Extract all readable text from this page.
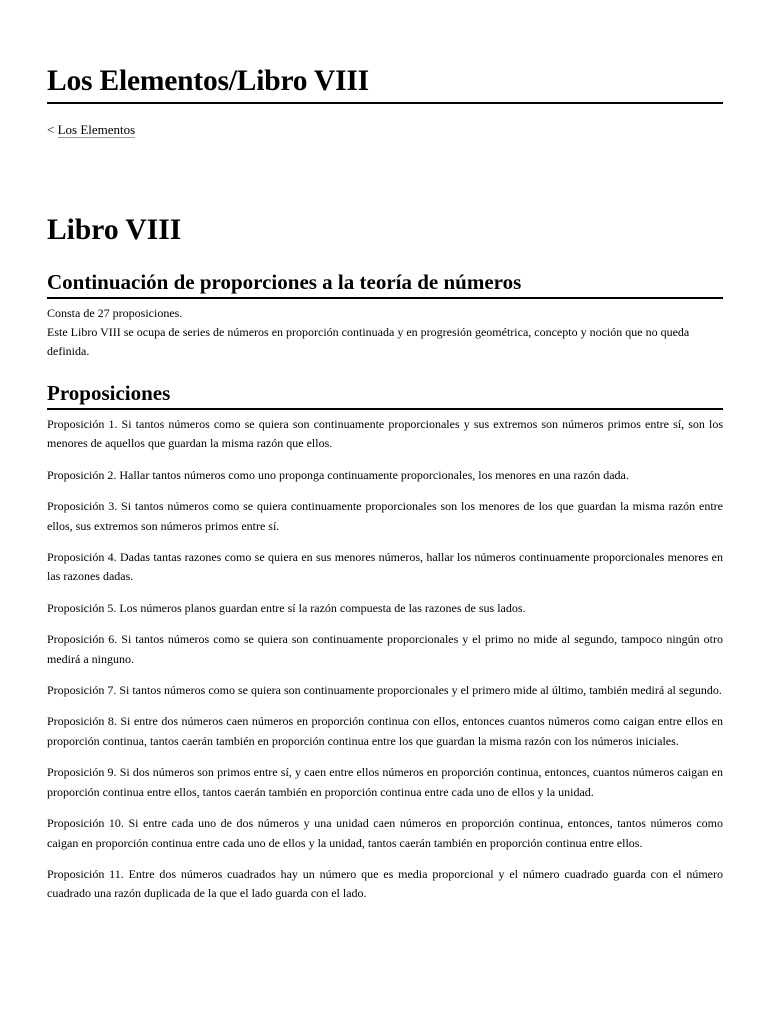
Los Elementos/Libro VIII
< Los Elementos
Libro VIII
Continuación de proporciones a la teoría de números

Consta de 27 proposiciones.

Este Libro VIII se ocupa de series de números en proporción continuada y en progresión geométrica, concepto y noción que no queda definida.

Proposiciones

Proposición 1. Si tantos números como se quiera son continuamente proporcionales y sus extremos son números primos entre sí, son los menores de aquellos que guardan la misma razón que ellos.

Proposición 2. Hallar tantos números como uno proponga continuamente proporcionales, los menores en una razón dada.

Proposición 3. Si tantos números como se quiera continuamente proporcionales son los menores de los que guardan la misma razón entre ellos, sus extremos son números primos entre sí.

Proposición 4. Dadas tantas razones como se quiera en sus menores números, hallar los números continuamente proporcionales menores en las razones dadas.

Proposición 5. Los números planos guardan entre sí la razón compuesta de las razones de sus lados.

Proposición 6. Si tantos números como se quiera son continuamente proporcionales y el primo no mide al segundo, tampoco ningún otro medirá a ninguno.

Proposición 7. Si tantos números como se quiera son continuamente proporcionales y el primero mide al último, también medirá al segundo.

Proposición 8. Si entre dos números caen números en proporción continua con ellos, entonces cuantos números como caigan entre ellos en proporción continua, tantos caerán también en proporción continua entre los que guardan la misma razón con los números iniciales.

Proposición 9. Si dos números son primos entre sí, y caen entre ellos números en proporción continua, entonces, cuantos números caigan en proporción continua entre ellos, tantos caerán también en proporción continua entre cada uno de ellos y la unidad.

Proposición 10. Si entre cada uno de dos números y una unidad caen números en proporción continua, entonces, tantos números como caigan en proporción continua entre cada uno de ellos y la unidad, tantos caerán también en proporción continua entre ellos.

Proposición 11. Entre dos números cuadrados hay un número que es media proporcional y el número cuadrado guarda con el número cuadrado una razón duplicada de la que el lado guarda con el lado.
